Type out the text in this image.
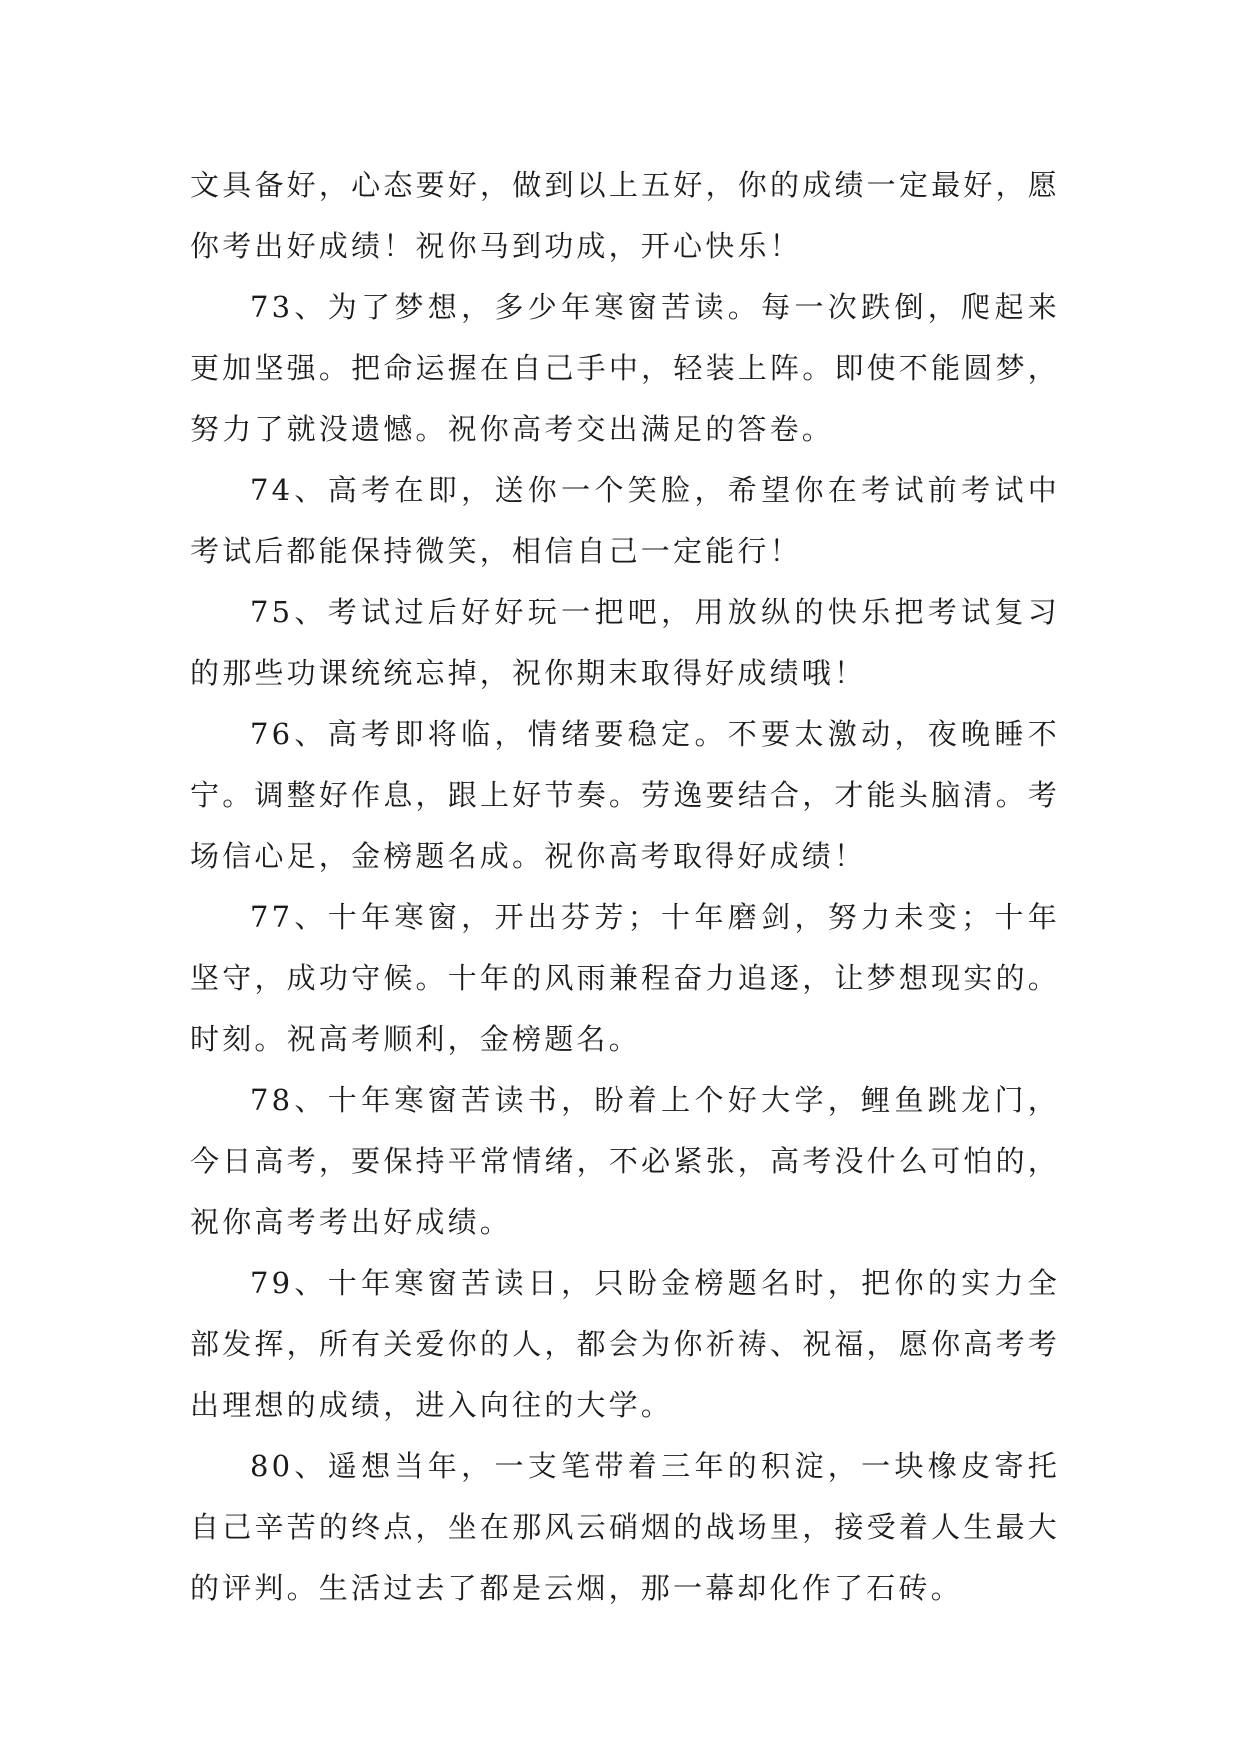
文具备好，心态要好，做到以上五好，你的成绩一定最好，愿你考出好成绩！祝你马到功成，开心快乐！

73、为了梦想，多少年寒窗苦读。每一次跌倒，爬起来更加坚强。把命运握在自己手中，轻装上阵。即使不能圆梦，努力了就没遗憾。祝你高考交出满足的答卷。

74、高考在即，送你一个笑脸，希望你在考试前考试中考试后都能保持微笑，相信自己一定能行！

75、考试过后好好玩一把吧，用放纵的快乐把考试复习的那些功课统统忘掉，祝你期末取得好成绩哦！

76、高考即将临，情绪要稳定。不要太激动，夜晚睡不宁。调整好作息，跟上好节奏。劳逸要结合，才能头脑清。考场信心足，金榜题名成。祝你高考取得好成绩！

77、十年寒窗，开出芬芳；十年磨剑，努力未变；十年坚守，成功守候。十年的风雨兼程奋力追逐，让梦想现实的。时刻。祝高考顺利，金榜题名。

78、十年寒窗苦读书，盼着上个好大学，鲤鱼跳龙门，今日高考，要保持平常情绪，不必紧张，高考没什么可怕的，祝你高考考出好成绩。

79、十年寒窗苦读日，只盼金榜题名时，把你的实力全部发挥，所有关爱你的人，都会为你祈祷、祝福，愿你高考考出理想的成绩，进入向往的大学。

80、遥想当年，一支笔带着三年的积淀，一块橡皮寄托自己辛苦的终点，坐在那风云硝烟的战场里，接受着人生最大的评判。生活过去了都是云烟，那一幕却化作了石砖。
